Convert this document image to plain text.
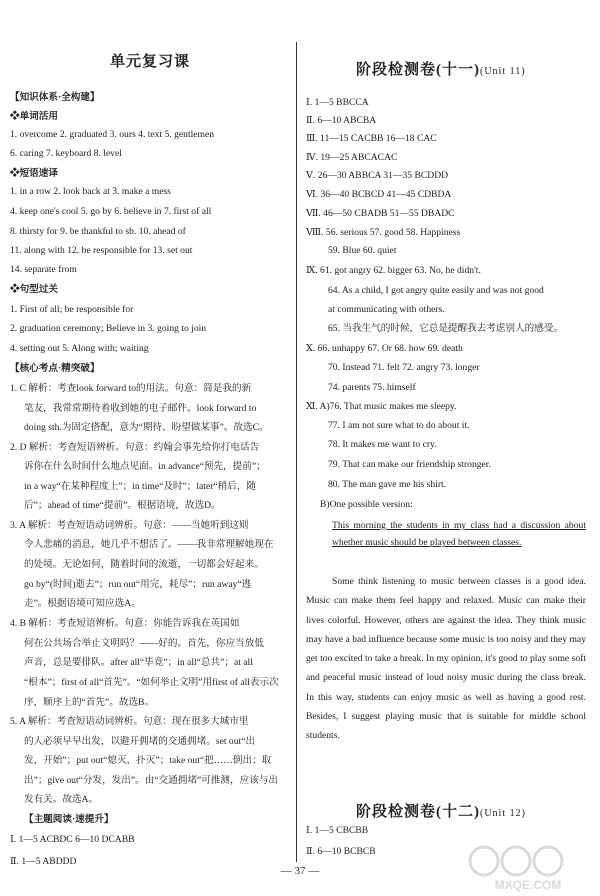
单元复习课
【知识体系·全构建】
❖单词活用
1. overcome 2. graduated 3. ours 4. text 5. gentlemen
6. caring 7. keyboard 8. level
❖短语速译
1. in a row 2. look back at 3. make a mess
4. keep one's cool 5. go by 6. believe in 7. first of all
8. thirsty for 9. be thankful to sb. 10. ahead of
11. along with 12. be responsible for 13. set out
14. separate from
❖句型过关
1. First of all; be responsible for
2. graduation ceremony; Believe in 3. going to join
4. setting out 5. Along with; waiting
【核心考点·精突破】
1. C 解析：考查look forward to的用法。句意：简是我的新
笔友，我常常期待着收到她的电子邮件。look forward to
doing sth.为固定搭配，意为“期待、盼望做某事”。故选C。
2. D 解析：考查短语辨析。句意：约翰会事先给你打电话告
诉你在什么时间什么地点见面。in advance“预先，提前”；
in a way“在某种程度上”；in time“及时”；later“稍后，随
后”；ahead of time“提前”。根据语境，故选D。
3. A 解析：考查短语动词辨析。句意：——当她听到这则
令人悲痛的消息，她几乎不想活了。——我非常理解她现在
的处境。无论如何，随着时间的流逝，一切都会好起来。
go by“(时间)逝去”；run out“用完，耗尽”；run away“逃
走”。根据语境可知应选A。
4. B 解析：考查短语辨析。句意：你能告诉我在英国如
何在公共场合举止文明吗？——好的。首先，你应当放低
声音，总是要排队。after all“毕竟”；in all“总共”；at all
“根本”；first of all“首先”。“如何举止文明”用first of all表示次
序，顺序上的“首先”。故选B。
5. A 解析：考查短语动词辨析。句意：现在很多大城市里
的人必须早早出发，以避开拥堵的交通拥堵。set out“出
发，开始”；put out“熄灭，扑灭”；take out“把……倒出；取
出”；give out“分发，发出”。由“交通拥堵”可推测，应该与出
发有关。故选A。
【主题阅读·速提升】
Ⅰ. 1—5 ACBDC 6—10 DCABB
Ⅱ. 1—5 ABDDD
阶段检测卷(十一)(Unit 11)
Ⅰ. 1—5 BBCCA
Ⅱ. 6—10 ABCBA
Ⅲ. 11—15 CACBB 16—18 CAC
Ⅳ. 19—25 ABCACAC
Ⅴ. 26—30 ABBCA 31—35 BCDDD
Ⅵ. 36—40 BCBCD 41—45 CDBDA
Ⅶ. 46—50 CBADB 51—55 DBADC
Ⅷ. 56. serious 57. good 58. Happiness
59. Blue 60. quiet
Ⅸ. 61. got angry 62. bigger 63. No, he didn't.
64. As a child, I got angry quite easily and was not good
at communicating with others.
65. 当我生气的时候，它总是提醒我去考虑别人的感受。
Ⅹ. 66. unhappy 67. Or 68. how 69. death
70. Instead 71. felt 72. angry 73. longer
74. parents 75. himself
Ⅺ. A)76. That music makes me sleepy.
77. I am not sure what to do about it.
78. It makes me want to cry.
79. That can make our friendship stronger.
80. The man gave me his shirt.
B)One possible version:
This morning the students in my class had a discussion about whether music should be played between classes.
Some think listening to music between classes is a good idea. Music can make them feel happy and relaxed. Music can make their lives colorful. However, others are against the idea. They think music may have a bad influence because some music is too noisy and they may get too excited to take a break. In my opinion, it's good to play some soft and peaceful music instead of loud noisy music during the class break. In this way, students can enjoy music as well as having a good rest. Besides, I suggest playing music that is suitable for middle school students.
阶段检测卷(十二)(Unit 12)
Ⅰ. 1—5 CBCBB
Ⅱ. 6—10 BCBCB
— 37 —
MXQE.COM
